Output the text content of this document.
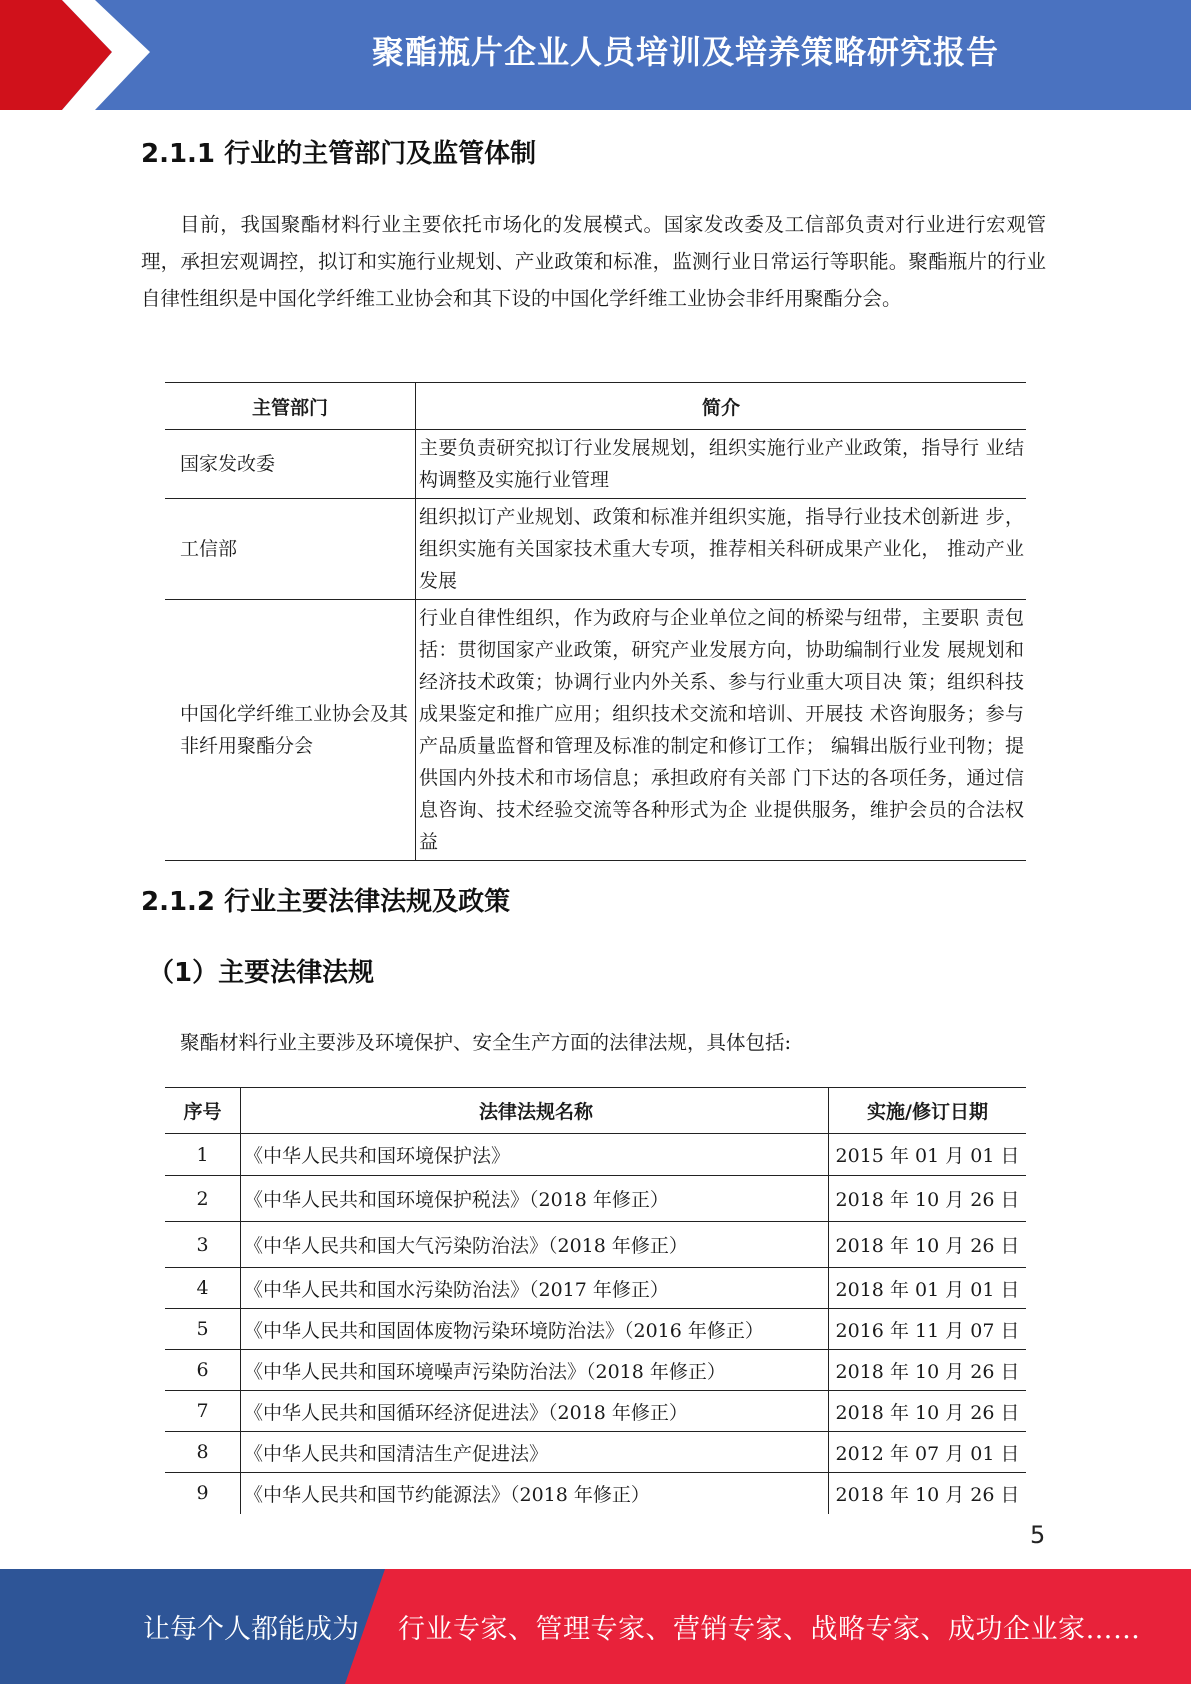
聚酯瓶片企业人员培训及培养策略研究报告
2.1.1 行业的主管部门及监管体制

目前，我国聚酯材料行业主要依托市场化的发展模式。国家发改委及工信部负责对行业进行宏观管理，承担宏观调控，拟订和实施行业规划、产业政策和标准，监测行业日常运行等职能。聚酯瓶片的行业自律性组织是中国化学纤维工业协会和其下设的中国化学纤维工业协会非纤用聚酯分会。

主管部门	简介
国家发改委	主要负责研究拟订行业发展规划，组织实施行业产业政策，指导行 业结构调整及实施行业管理
工信部	组织拟订产业规划、政策和标准并组织实施，指导行业技术创新进 步，组织实施有关国家技术重大专项，推荐相关科研成果产业化， 推动产业发展
中国化学纤维工业协会及其非纤用聚酯分会	行业自律性组织，作为政府与企业单位之间的桥梁与纽带，主要职 责包括：贯彻国家产业政策，研究产业发展方向，协助编制行业发 展规划和经济技术政策；协调行业内外关系、参与行业重大项目决 策；组织科技成果鉴定和推广应用；组织技术交流和培训、开展技 术咨询服务；参与产品质量监督和管理及标准的制定和修订工作； 编辑出版行业刊物；提供国内外技术和市场信息；承担政府有关部 门下达的各项任务，通过信息咨询、技术经验交流等各种形式为企 业提供服务，维护会员的合法权益
2.1.2 行业主要法律法规及政策
（1）主要法律法规

聚酯材料行业主要涉及环境保护、安全生产方面的法律法规，具体包括:

序号	法律法规名称	实施/修订日期
1	《中华人民共和国环境保护法》	2015 年 01 月 01 日
2	《中华人民共和国环境保护税法》（2018 年修正）	2018 年 10 月 26 日
3	《中华人民共和国大气污染防治法》（2018 年修正）	2018 年 10 月 26 日
4	《中华人民共和国水污染防治法》（2017 年修正）	2018 年 01 月 01 日
5	《中华人民共和国固体废物污染环境防治法》（2016 年修正）	2016 年 11 月 07 日
6	《中华人民共和国环境噪声污染防治法》（2018 年修正）	2018 年 10 月 26 日
7	《中华人民共和国循环经济促进法》（2018 年修正）	2018 年 10 月 26 日
8	《中华人民共和国清洁生产促进法》	2012 年 07 月 01 日
9	《中华人民共和国节约能源法》（2018 年修正）	2018 年 10 月 26 日
5
让每个人都能成为 行业专家、管理专家、营销专家、战略专家、成功企业家……
